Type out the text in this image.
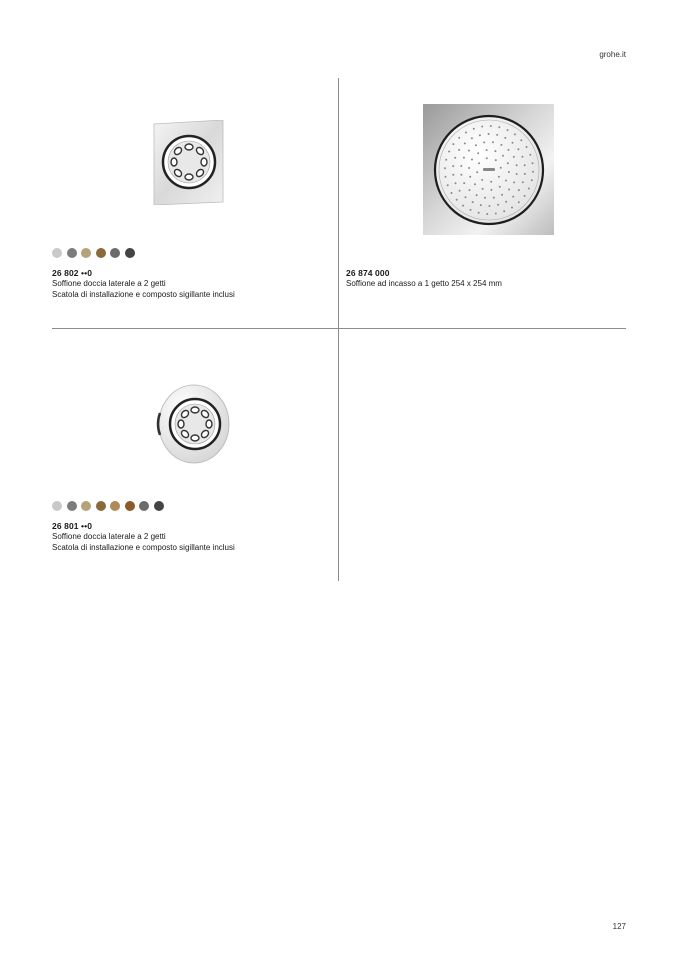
grohe.it

26 802 ••0

Soffione doccia laterale a 2 getti

Scatola di installazione e composto sigillante inclusi

26 874 000

Soffione ad incasso a 1 getto 254 x 254 mm

26 801 ••0

Soffione doccia laterale a 2 getti

Scatola di installazione e composto sigillante inclusi

127
